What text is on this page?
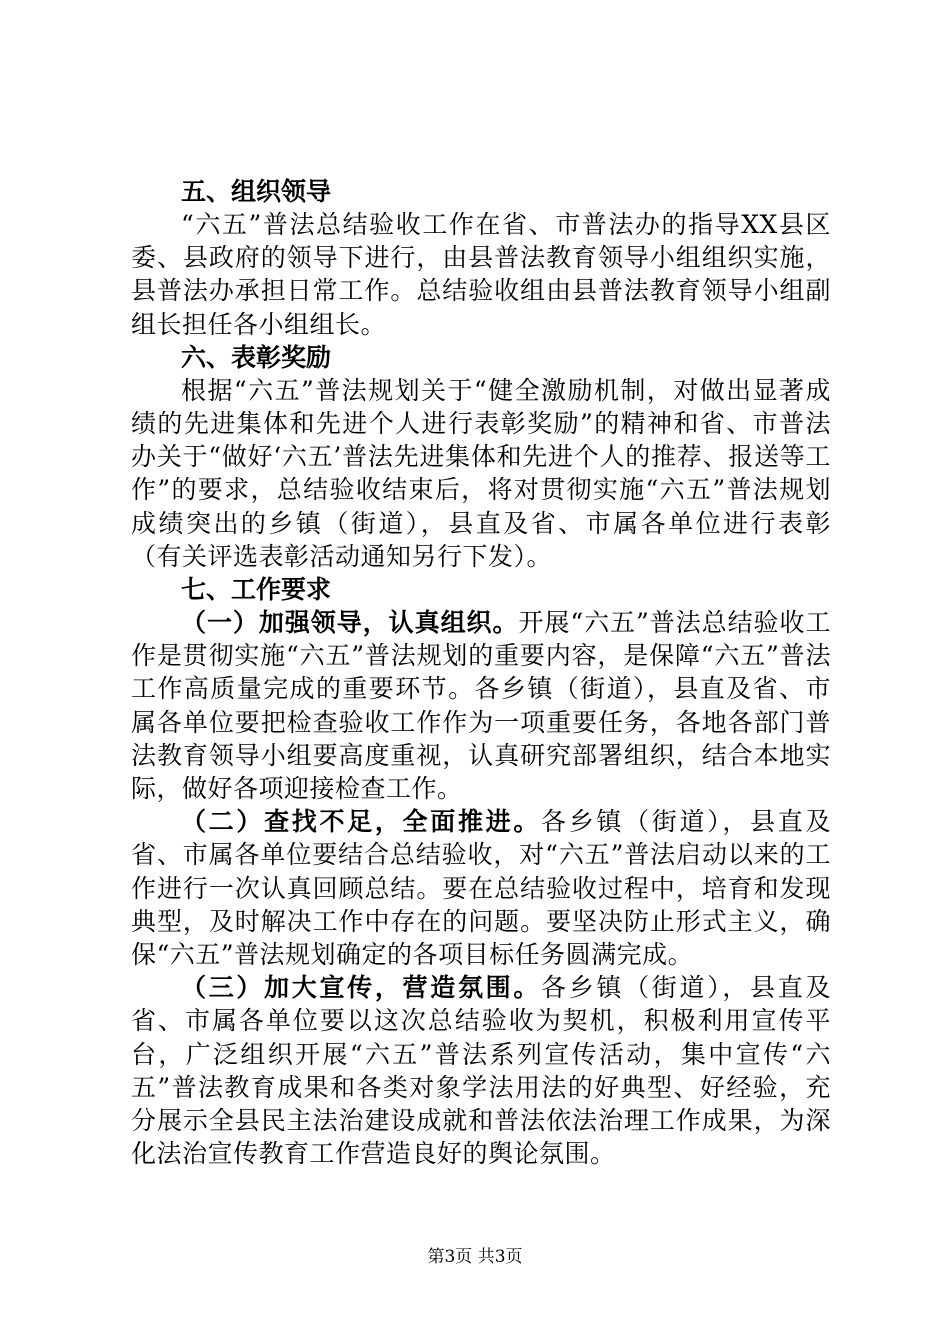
五、组织领导

“六五”普法总结验收工作在省、市普法办的指导XX县区委、县政府的领导下进行，由县普法教育领导小组组织实施，县普法办承担日常工作。总结验收组由县普法教育领导小组副组长担任各小组组长。

六、表彰奖励

根据“六五”普法规划关于“健全激励机制，对做出显著成绩的先进集体和先进个人进行表彰奖励”的精神和省、市普法办关于“做好‘六五’普法先进集体和先进个人的推荐、报送等工作”的要求，总结验收结束后，将对贯彻实施“六五”普法规划成绩突出的乡镇（街道），县直及省、市属各单位进行表彰（有关评选表彰活动通知另行下发）。

七、工作要求

（一）加强领导，认真组织。开展“六五”普法总结验收工作是贯彻实施“六五”普法规划的重要内容，是保障“六五”普法工作高质量完成的重要环节。各乡镇（街道），县直及省、市属各单位要把检查验收工作作为一项重要任务，各地各部门普法教育领导小组要高度重视，认真研究部署组织，结合本地实际，做好各项迎接检查工作。

（二）查找不足，全面推进。各乡镇（街道），县直及省、市属各单位要结合总结验收，对“六五”普法启动以来的工作进行一次认真回顾总结。要在总结验收过程中，培育和发现典型，及时解决工作中存在的问题。要坚决防止形式主义，确保“六五”普法规划确定的各项目标任务圆满完成。

（三）加大宣传，营造氛围。各乡镇（街道），县直及省、市属各单位要以这次总结验收为契机，积极利用宣传平台，广泛组织开展“六五”普法系列宣传活动，集中宣传“六五”普法教育成果和各类对象学法用法的好典型、好经验，充分展示全县民主法治建设成就和普法依法治理工作成果，为深化法治宣传教育工作营造良好的舆论氛围。

第3页 共3页
